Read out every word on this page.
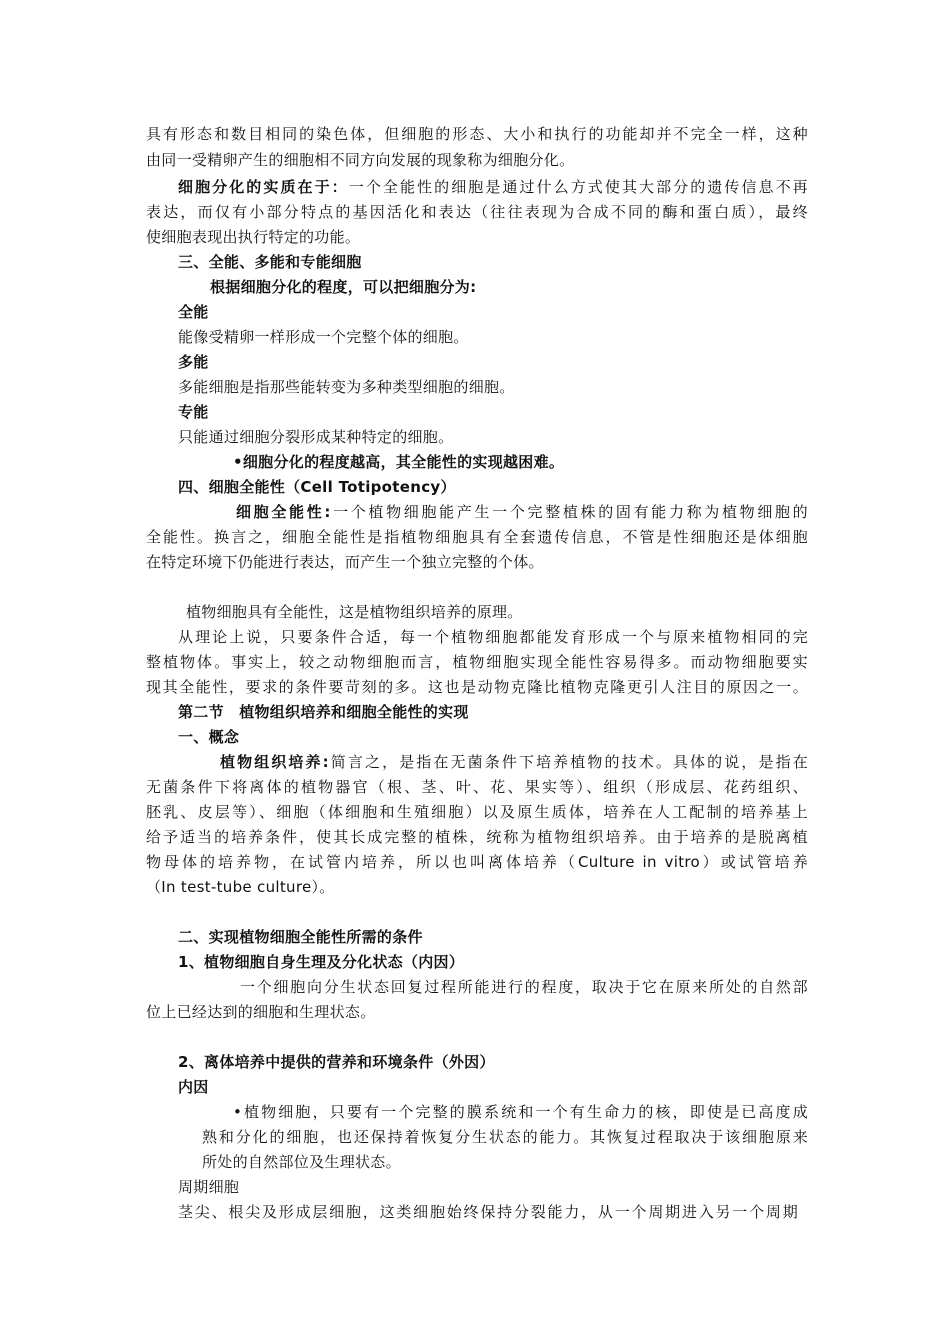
具有形态和数目相同的染色体，但细胞的形态、大小和执行的功能却并不完全一样，这种
由同一受精卵产生的细胞相不同方向发展的现象称为细胞分化。
细胞分化的实质在于：一个全能性的细胞是通过什么方式使其大部分的遗传信息不再
表达，而仅有小部分特点的基因活化和表达（往往表现为合成不同的酶和蛋白质），最终
使细胞表现出执行特定的功能。
三、全能、多能和专能细胞
根据细胞分化的程度，可以把细胞分为:
全能
能像受精卵一样形成一个完整个体的细胞。
多能
多能细胞是指那些能转变为多种类型细胞的细胞。
专能
只能通过细胞分裂形成某种特定的细胞。
•细胞分化的程度越高，其全能性的实现越困难。
四、细胞全能性（Cell Totipotency）
细胞全能性:一个植物细胞能产生一个完整植株的固有能力称为植物细胞的
全能性。换言之，细胞全能性是指植物细胞具有全套遗传信息，不管是性细胞还是体细胞
在特定环境下仍能进行表达，而产生一个独立完整的个体。
植物细胞具有全能性，这是植物组织培养的原理。
从理论上说，只要条件合适，每一个植物细胞都能发育形成一个与原来植物相同的完
整植物体。事实上，较之动物细胞而言，植物细胞实现全能性容易得多。而动物细胞要实
现其全能性，要求的条件要苛刻的多。这也是动物克隆比植物克隆更引人注目的原因之一。
第二节　植物组织培养和细胞全能性的实现
一、概念
植物组织培养:简言之，是指在无菌条件下培养植物的技术。具体的说，是指在
无菌条件下将离体的植物器官（根、茎、叶、花、果实等）、组织（形成层、花药组织、
胚乳、皮层等）、细胞（体细胞和生殖细胞）以及原生质体，培养在人工配制的培养基上
给予适当的培养条件，使其长成完整的植株，统称为植物组织培养。由于培养的是脱离植
物母体的培养物，在试管内培养，所以也叫离体培养（Culture in vitro）或试管培养
（In test-tube culture）。
二、实现植物细胞全能性所需的条件
1、植物细胞自身生理及分化状态（内因）
一个细胞向分生状态回复过程所能进行的程度，取决于它在原来所处的自然部
位上已经达到的细胞和生理状态。
2、离体培养中提供的营养和环境条件（外因）
内因
•植物细胞，只要有一个完整的膜系统和一个有生命力的核，即使是已高度成
熟和分化的细胞，也还保持着恢复分生状态的能力。其恢复过程取决于该细胞原来
所处的自然部位及生理状态。
周期细胞
茎尖、根尖及形成层细胞，这类细胞始终保持分裂能力，从一个周期进入另一个周期
